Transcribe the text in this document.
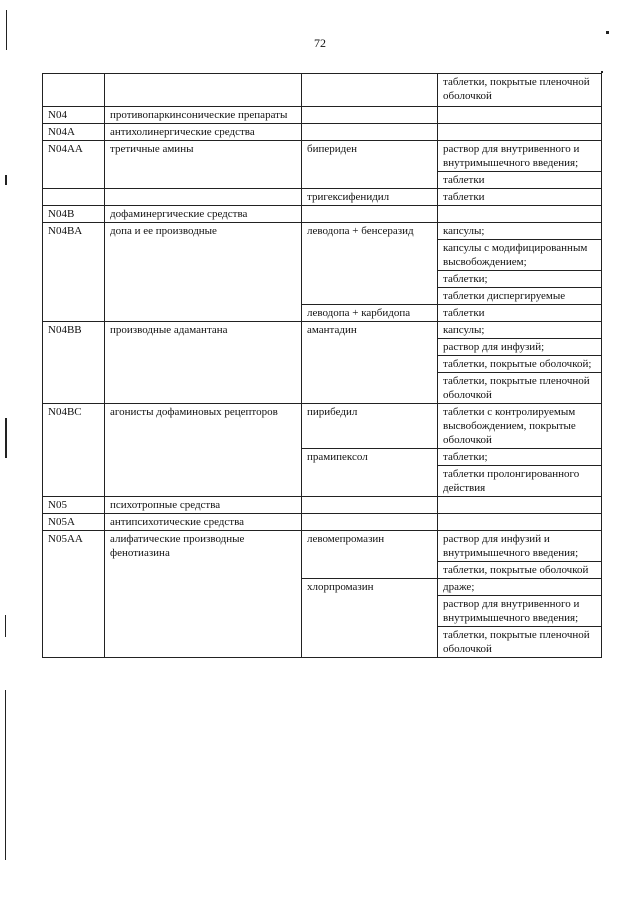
72
			таблетки, покрытые пленочной оболочкой
N04	противопаркинсонические препараты		
N04A	антихолинергические средства		
N04AA	третичные амины	бипериден	раствор для внутривенного и внутримышечного введения;
			таблетки
		тригексифенидил	таблетки
N04B	дофаминергические средства		
N04BA	допа и ее производные	леводопа + бенсеразид	капсулы;
			капсулы с модифицированным высвобождением;
			таблетки;
			таблетки диспергируемые
		леводопа + карбидопа	таблетки
N04BB	производные адамантана	амантадин	капсулы;
			раствор для инфузий;
			таблетки, покрытые оболочкой;
			таблетки, покрытые пленочной оболочкой
N04BC	агонисты дофаминовых рецепторов	пирибедил	таблетки с контролируемым высвобождением, покрытые оболочкой
		прамипексол	таблетки;
			таблетки пролонгированного действия
N05	психотропные средства		
N05A	антипсихотические средства		
N05AA	алифатические производные фенотиазина	левомепромазин	раствор для инфузий и внутримышечного введения;
			таблетки, покрытые оболочкой
		хлорпромазин	драже;
			раствор для внутривенного и внутримышечного введения;
			таблетки, покрытые пленочной оболочкой
